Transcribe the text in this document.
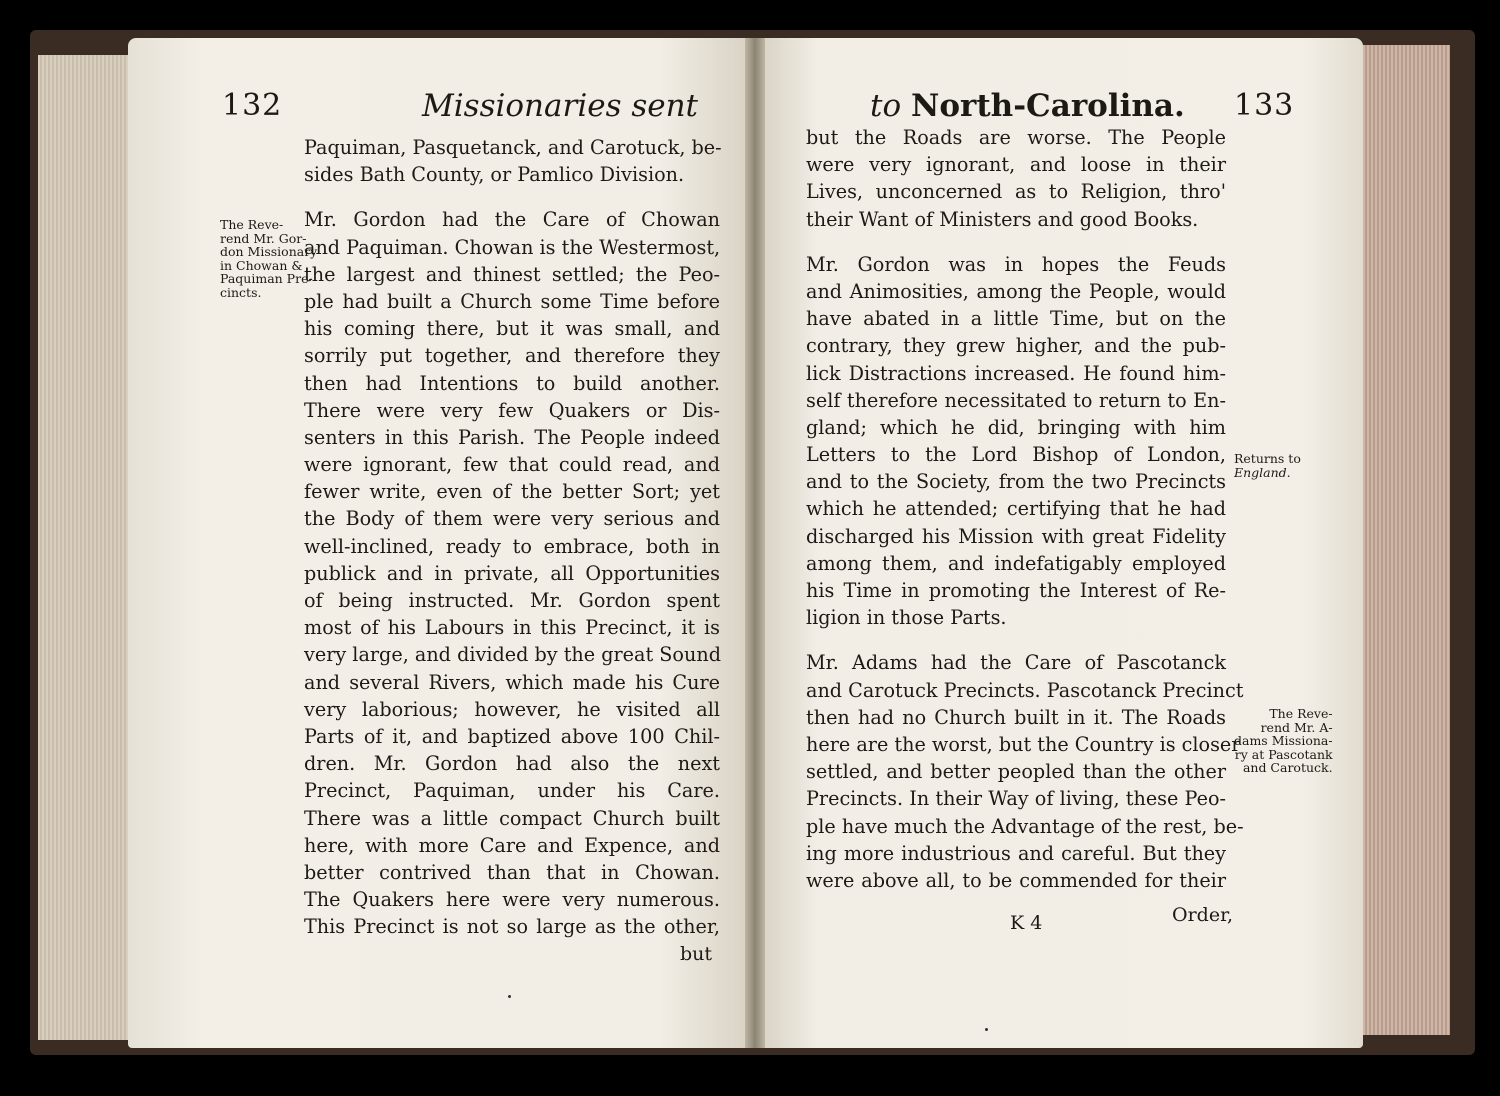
132	Missionaries sent
The Reve-
rend Mr. Gor-
don Missionary
in Chowan &
Paquiman Pre-
cincts.
Paquiman, Pasquetanck, and Carotuck, be-
sides Bath County, or Pamlico Division.
Mr. Gordon had the Care of Chowan
and Paquiman. Chowan is the Westermost,
the largest and thinest settled; the Peo-
ple had built a Church some Time before
his coming there, but it was small, and
sorrily put together, and therefore they
then had Intentions to build another.
There were very few Quakers or Dis-
senters in this Parish. The People indeed
were ignorant, few that could read, and
fewer write, even of the better Sort; yet
the Body of them were very serious and
well-inclined, ready to embrace, both in
publick and in private, all Opportunities
of being instructed. Mr. Gordon spent
most of his Labours in this Precinct, it is
very large, and divided by the great Sound
and several Rivers, which made his Cure
very laborious; however, he visited all
Parts of it, and baptized above 100 Chil-
dren. Mr. Gordon had also the next
Precinct, Paquiman, under his Care.
There was a little compact Church built
here, with more Care and Expence, and
better contrived than that in Chowan.
The Quakers here were very numerous.
This Precinct is not so large as the other,
but
to North-Carolina. 133
but the Roads are worse. The People
were very ignorant, and loose in their
Lives, unconcerned as to Religion, thro'
their Want of Ministers and good Books.
Mr. Gordon was in hopes the Feuds
and Animosities, among the People, would
have abated in a little Time, but on the
contrary, they grew higher, and the pub-
lick Distractions increased. He found him-
self therefore necessitated to return to En-
gland; which he did, bringing with him
Letters to the Lord Bishop of London,
and to the Society, from the two Precincts
which he attended; certifying that he had
discharged his Mission with great Fidelity
among them, and indefatigably employed
his Time in promoting the Interest of Re-
ligion in those Parts.
Mr. Adams had the Care of Pascotanck
and Carotuck Precincts. Pascotanck Precinct
then had no Church built in it. The Roads
here are the worst, but the Country is closer
settled, and better peopled than the other
Precincts. In their Way of living, these Peo-
ple have much the Advantage of the rest, be-
ing more industrious and careful. But they
were above all, to be commended for their
Returns to
England.
The Reve-
rend Mr. A-
dams Missiona-
ry at Pascotank
and Carotuck.
K 4	Order,
